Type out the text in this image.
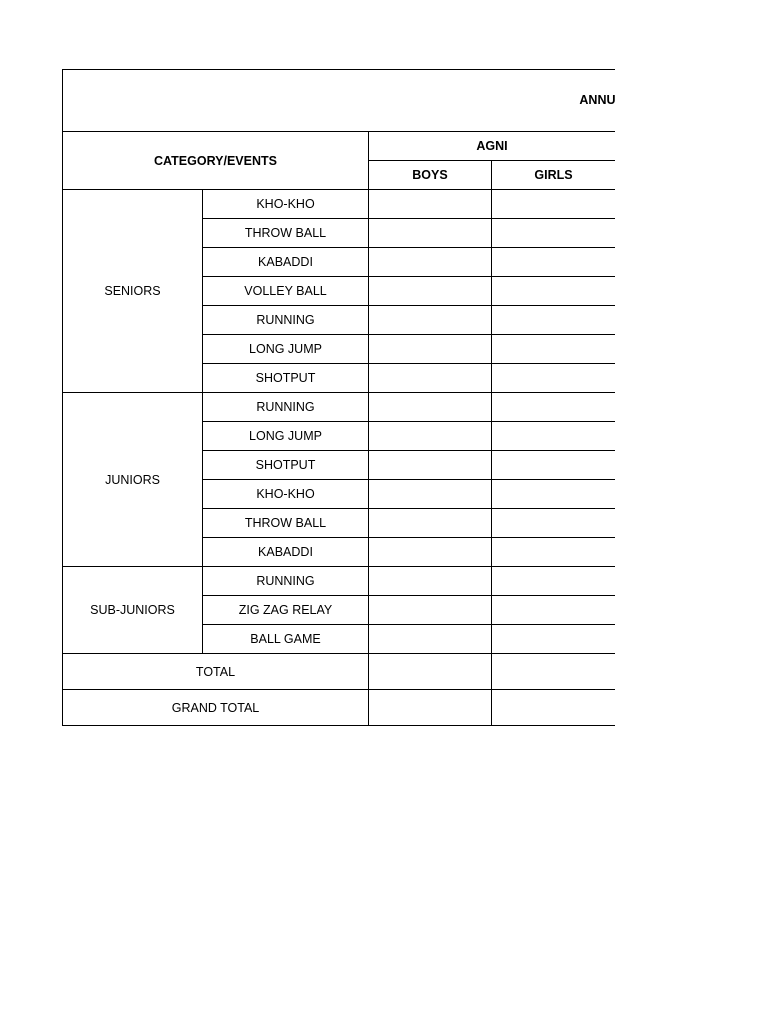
ANNU			

CATEGORY/EVENTS		AGNI	
		BOYS	GIRLS
SENIORS	KHO-KHO		
	THROW BALL		
	KABADDI		
	VOLLEY BALL		
	RUNNING		
	LONG JUMP		
	SHOTPUT		
JUNIORS	RUNNING		
	LONG JUMP		
	SHOTPUT		
	KHO-KHO		
	THROW BALL		
	KABADDI		
SUB-JUNIORS	RUNNING		
	ZIG ZAG RELAY		
	BALL GAME		
TOTAL			
GRAND TOTAL			
